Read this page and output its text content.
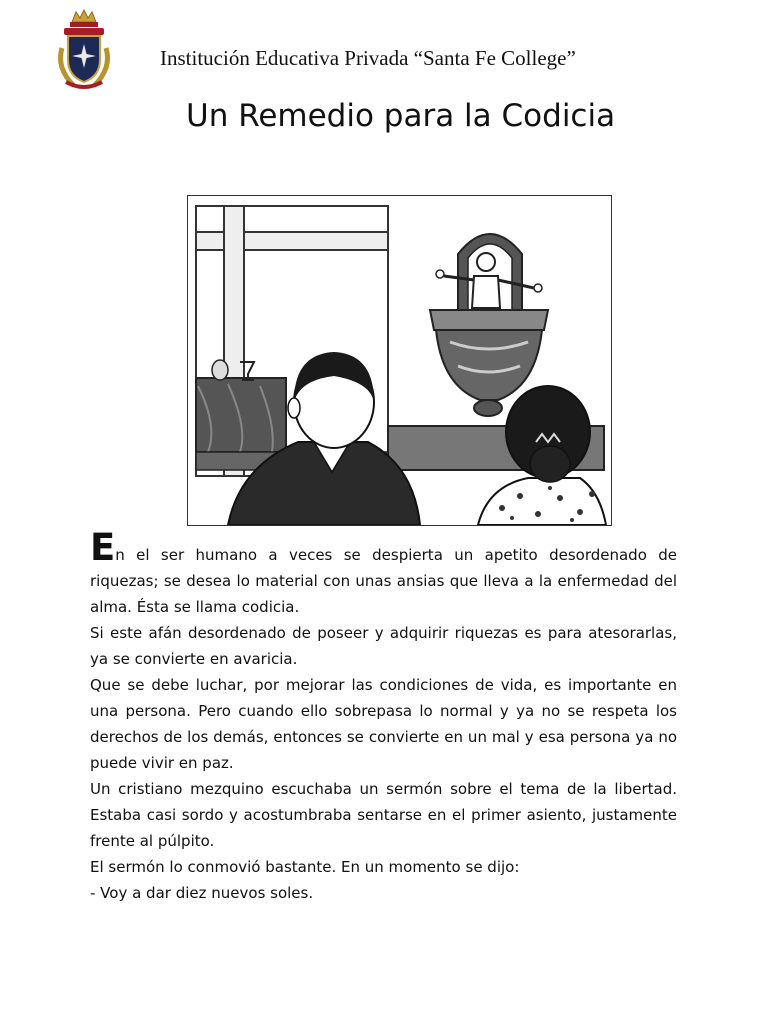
Institución Educativa Privada “Santa Fe College”
Un Remedio para la Codicia

En el ser humano a veces se despierta un apetito desordenado de riquezas; se desea lo material con unas ansias que lleva a la enfermedad del alma. Ésta se llama codicia.

Si este afán desordenado de poseer y adquirir riquezas es para atesorarlas, ya se convierte en avaricia.

Que se debe luchar, por mejorar las condiciones de vida, es importante en una persona. Pero cuando ello sobrepasa lo normal y ya no se respeta los derechos de los demás, entonces se convierte en un mal y esa persona ya no puede vivir en paz.

Un cristiano mezquino escuchaba un sermón sobre el tema de la libertad. Estaba casi sordo y acostumbraba sentarse en el primer asiento, justamente frente al púlpito.

El sermón lo conmovió bastante. En un momento se dijo:

- Voy a dar diez nuevos soles.
